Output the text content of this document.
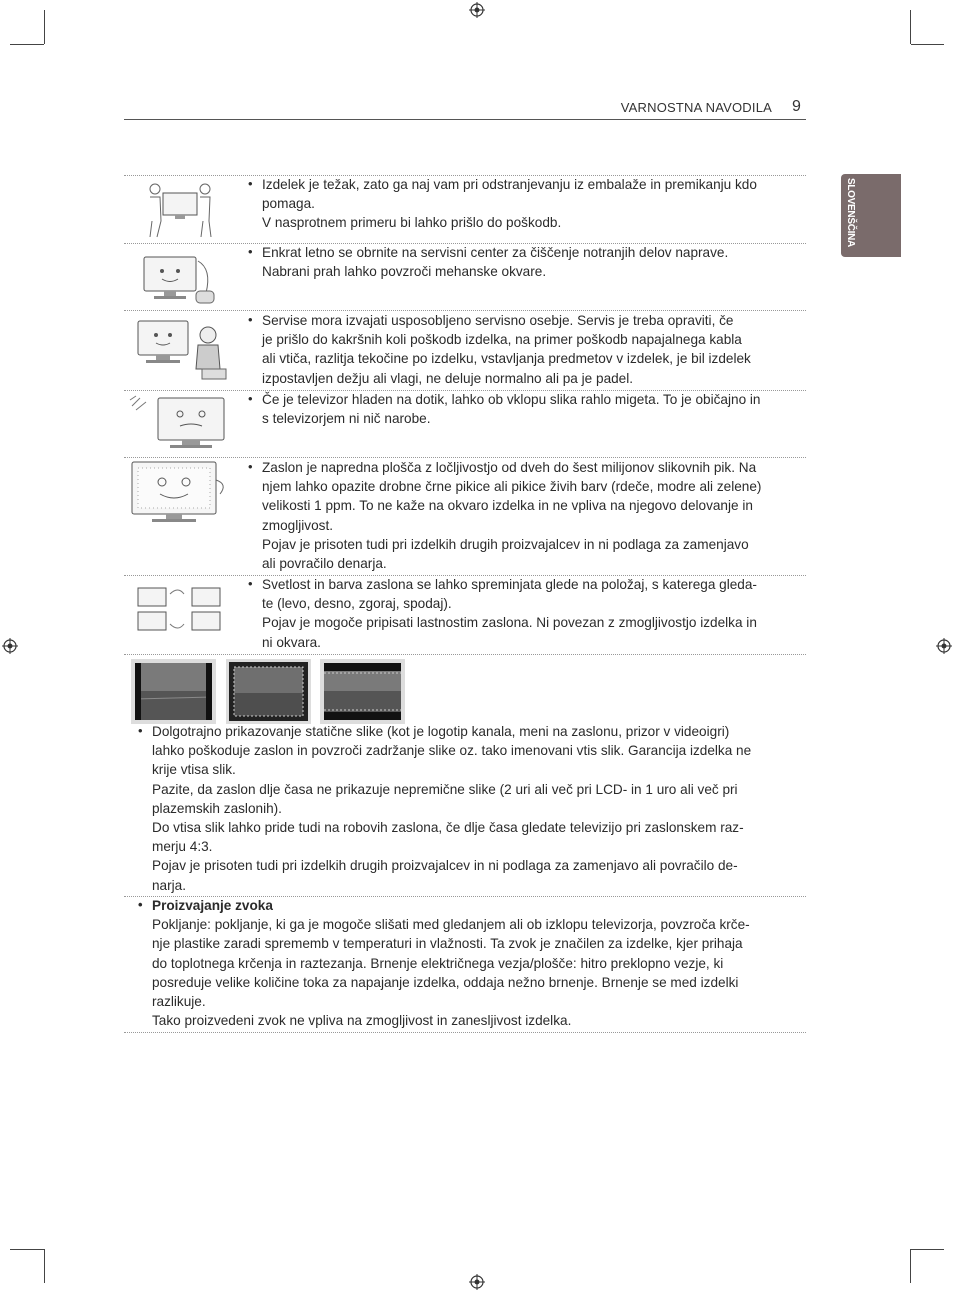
VARNOSTNA NAVODILA 9
SLOVENŠČINA
• Izdelek je težak, zato ga naj vam pri odstranjevanju iz embalaže in premikanju kdo

pomaga.

V nasprotnem primeru bi lahko prišlo do poškodb.

• Enkrat letno se obrnite na servisni center za čiščenje notranjih delov naprave.

Nabrani prah lahko povzroči mehanske okvare.

• Servise mora izvajati usposobljeno servisno osebje. Servis je treba opraviti, če

je prišlo do kakršnih koli poškodb izdelka, na primer poškodb napajalnega kabla

ali vtiča, razlitja tekočine po izdelku, vstavljanja predmetov v izdelek, je bil izdelek

izpostavljen dežju ali vlagi, ne deluje normalno ali pa je padel.

• Če je televizor hladen na dotik, lahko ob vklopu slika rahlo migeta. To je običajno in

s televizorjem ni nič narobe.

• Zaslon je napredna plošča z ločljivostjo od dveh do šest milijonov slikovnih pik. Na

njem lahko opazite drobne črne pikice ali pikice živih barv (rdeče, modre ali zelene)

velikosti 1 ppm. To ne kaže na okvaro izdelka in ne vpliva na njegovo delovanje in

zmogljivost.

Pojav je prisoten tudi pri izdelkih drugih proizvajalcev in ni podlaga za zamenjavo

ali povračilo denarja.

• Svetlost in barva zaslona se lahko spreminjata glede na položaj, s katerega gleda-

te (levo, desno, zgoraj, spodaj).

Pojav je mogoče pripisati lastnostim zaslona. Ni povezan z zmogljivostjo izdelka in

ni okvara.

• Dolgotrajno prikazovanje statične slike (kot je logotip kanala, meni na zaslonu, prizor v videoigri)

lahko poškoduje zaslon in povzroči zadržanje slike oz. tako imenovani vtis slik. Garancija izdelka ne

krije vtisa slik.

Pazite, da zaslon dlje časa ne prikazuje nepremične slike (2 uri ali več pri LCD- in 1 uro ali več pri

plazemskih zaslonih).

Do vtisa slik lahko pride tudi na robovih zaslona, če dlje časa gledate televizijo pri zaslonskem raz-

merju 4:3.

Pojav je prisoten tudi pri izdelkih drugih proizvajalcev in ni podlaga za zamenjavo ali povračilo de-

narja.

• Proizvajanje zvoka

Pokljanje: pokljanje, ki ga je mogoče slišati med gledanjem ali ob izklopu televizorja, povzroča krče-

nje plastike zaradi sprememb v temperaturi in vlažnosti. Ta zvok je značilen za izdelke, kjer prihaja

do toplotnega krčenja in raztezanja. Brnenje električnega vezja/plošče: hitro preklopno vezje, ki

posreduje velike količine toka za napajanje izdelka, oddaja nežno brnenje. Brnenje se med izdelki

razlikuje.

Tako proizvedeni zvok ne vpliva na zmogljivost in zanesljivost izdelka.
